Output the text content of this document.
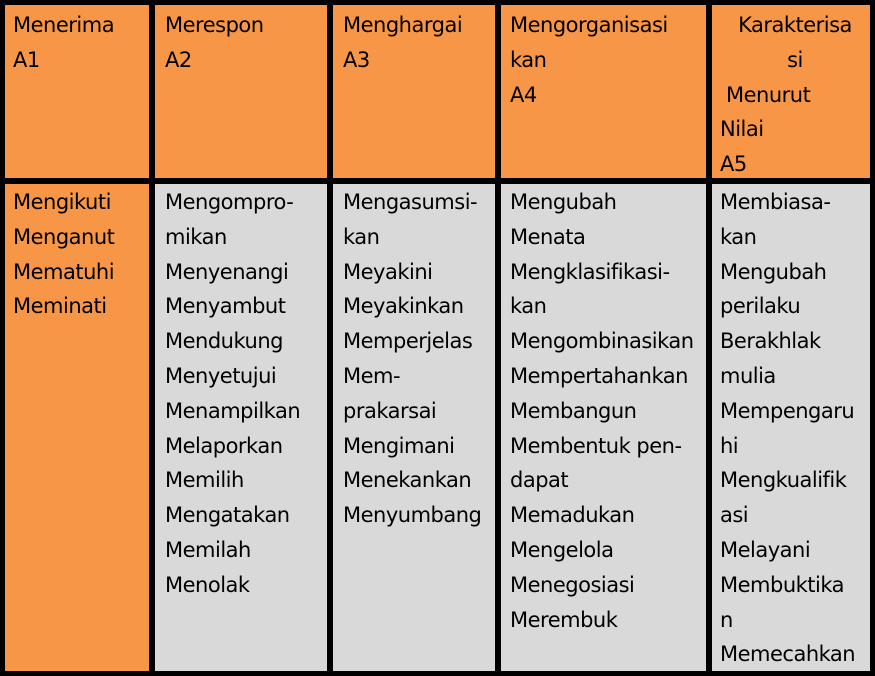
Menerima
A1
Merespon
A2
Menghargai
A3
Mengorganisasi
kan
A4
Karakterisa
si
Menurut
Nilai
A5
Mengikuti
Menganut
Mematuhi
Meminati
Mengompro-
mikan
Menyenangi
Menyambut
Mendukung
Menyetujui
Menampilkan
Melaporkan
Memilih
Mengatakan
Memilah
Menolak
Mengasumsi-
kan
Meyakini
Meyakinkan
Memperjelas
Mem-
prakarsai
Mengimani
Menekankan
Menyumbang
Mengubah
Menata
Mengklasifikasi-
kan
Mengombinasikan
Mempertahankan
Membangun
Membentuk pen-
dapat
Memadukan
Mengelola
Menegosiasi
Merembuk
Membiasa-
kan
Mengubah
perilaku
Berakhlak
mulia
Mempengaru
hi
Mengkualifik
asi
Melayani
Membuktika
n
Memecahkan
